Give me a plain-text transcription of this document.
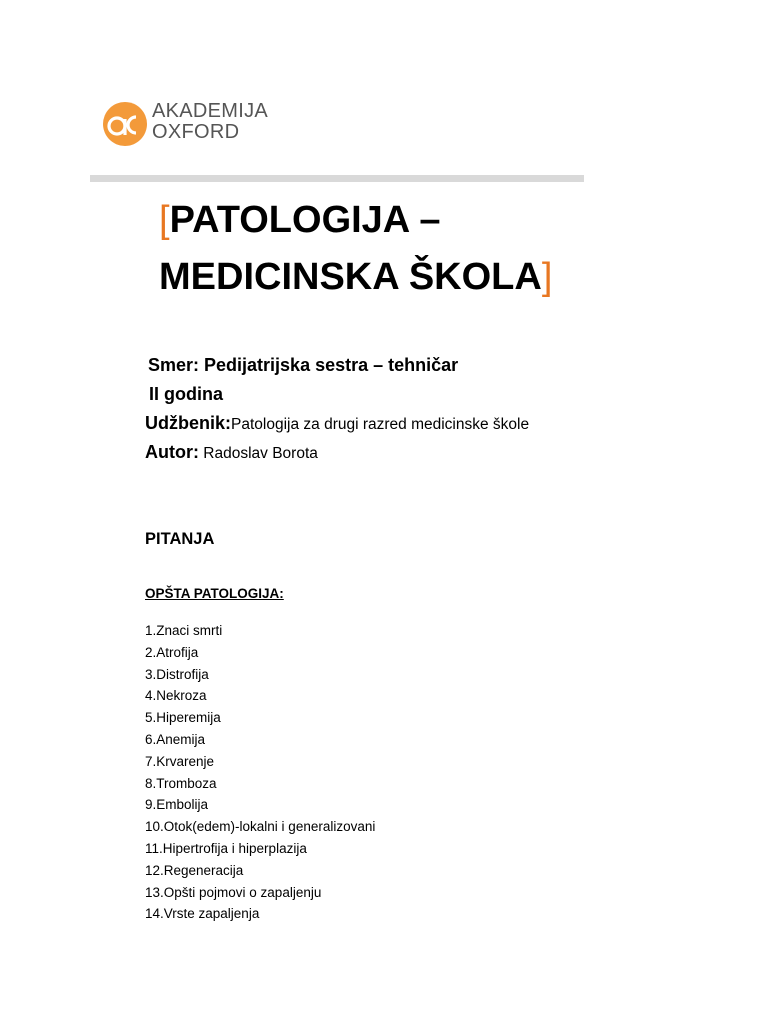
AKADEMIJA
OXFORD
[PATOLOGIJA –
MEDICINSKA ŠKOLA]
Smer: Pedijatrijska sestra – tehničar
II godina
Udžbenik:Patologija za drugi razred medicinske škole
Autor: Radoslav Borota
PITANJA
OPŠTA PATOLOGIJA:
1.Znaci smrti
2.Atrofija
3.Distrofija
4.Nekroza
5.Hiperemija
6.Anemija
7.Krvarenje
8.Tromboza
9.Embolija
10.Otok(edem)-lokalni i generalizovani
11.Hipertrofija i hiperplazija
12.Regeneracija
13.Opšti pojmovi o zapaljenju
14.Vrste zapaljenja
